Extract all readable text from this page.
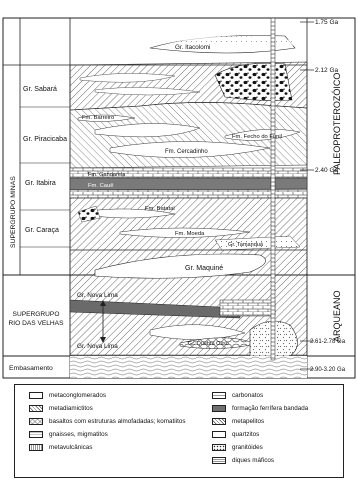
1.75 Ga
2.12 Ga
2.40 Ga
2.61-2.78 Ga
2.90-3.20 Ga
PALEOPROTEROZÓICO
ARQUEANO
SUPERGRUPO MINAS
Gr. Sabará
Gr. Piracicaba
Gr. Itabira
Gr. Caraça
SUPERGRUPO
RIO DAS VELHAS
Embasamento
Gr. Itacolomi
Fm. Barreiro
Fm. Fecho do Funil
Fm. Cercadinho
Fm. Gandarela
Fm. Cauê
Fm. Batatal
Fm. Moeda
Gr. Tamanduá
Gr. Maquiné
Gr. Nova Lima
Gr. Nova Lima	Gr. Quebra Osso
metaconglomerados
metadiamictitos
basaltos com estruturas almofadadas; komatiitos
gnaisses, migmatitos
metavulcânicas
carbonatos
formação ferrífera bandada
metapelitos
quartzitos
granitóides
diques máficos
